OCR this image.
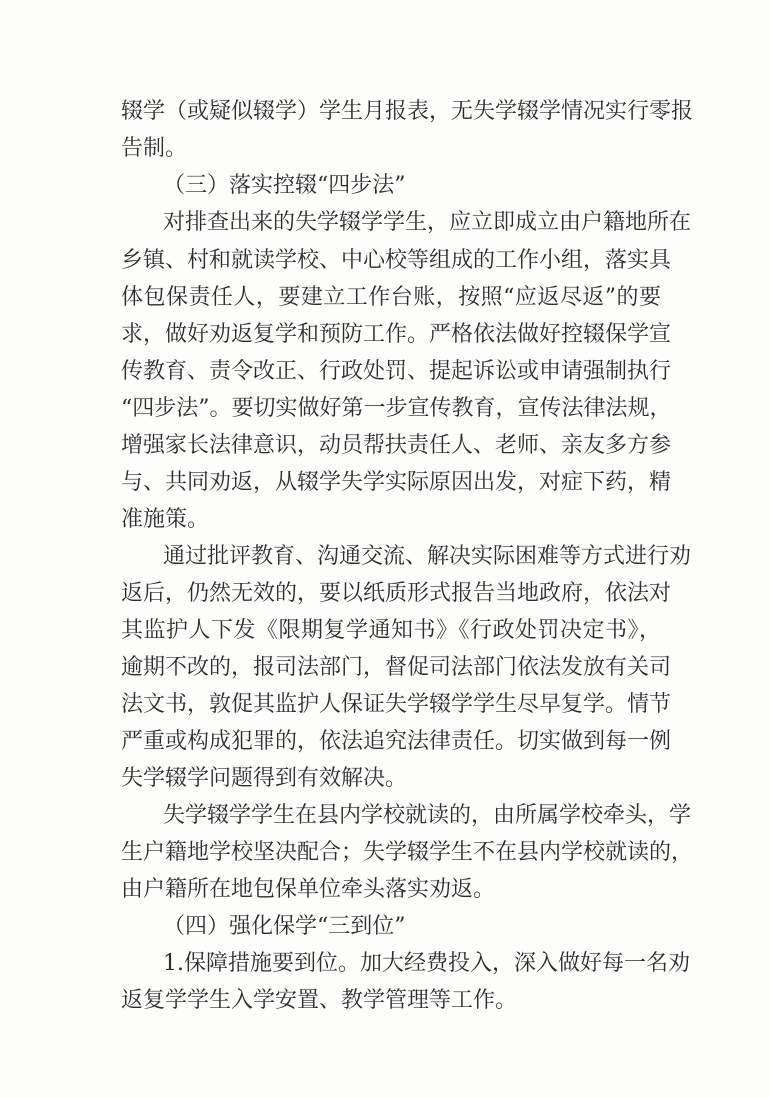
辍学（或疑似辍学）学生月报表，无失学辍学情况实行零报

告制。

（三）落实控辍“四步法”

对排查出来的失学辍学学生，应立即成立由户籍地所在

乡镇、村和就读学校、中心校等组成的工作小组，落实具

体包保责任人，要建立工作台账，按照“应返尽返”的要

求，做好劝返复学和预防工作。严格依法做好控辍保学宣

传教育、责令改正、行政处罚、提起诉讼或申请强制执行

“四步法”。要切实做好第一步宣传教育，宣传法律法规，

增强家长法律意识，动员帮扶责任人、老师、亲友多方参

与、共同劝返，从辍学失学实际原因出发，对症下药，精

准施策。

通过批评教育、沟通交流、解决实际困难等方式进行劝

返后，仍然无效的，要以纸质形式报告当地政府，依法对

其监护人下发《限期复学通知书》《行政处罚决定书》，

逾期不改的，报司法部门，督促司法部门依法发放有关司

法文书，敦促其监护人保证失学辍学学生尽早复学。情节

严重或构成犯罪的，依法追究法律责任。切实做到每一例

失学辍学问题得到有效解决。

失学辍学学生在县内学校就读的，由所属学校牵头，学

生户籍地学校坚决配合；失学辍学生不在县内学校就读的，

由户籍所在地包保单位牵头落实劝返。

（四）强化保学“三到位”

1.保障措施要到位。加大经费投入，深入做好每一名劝

返复学学生入学安置、教学管理等工作。
